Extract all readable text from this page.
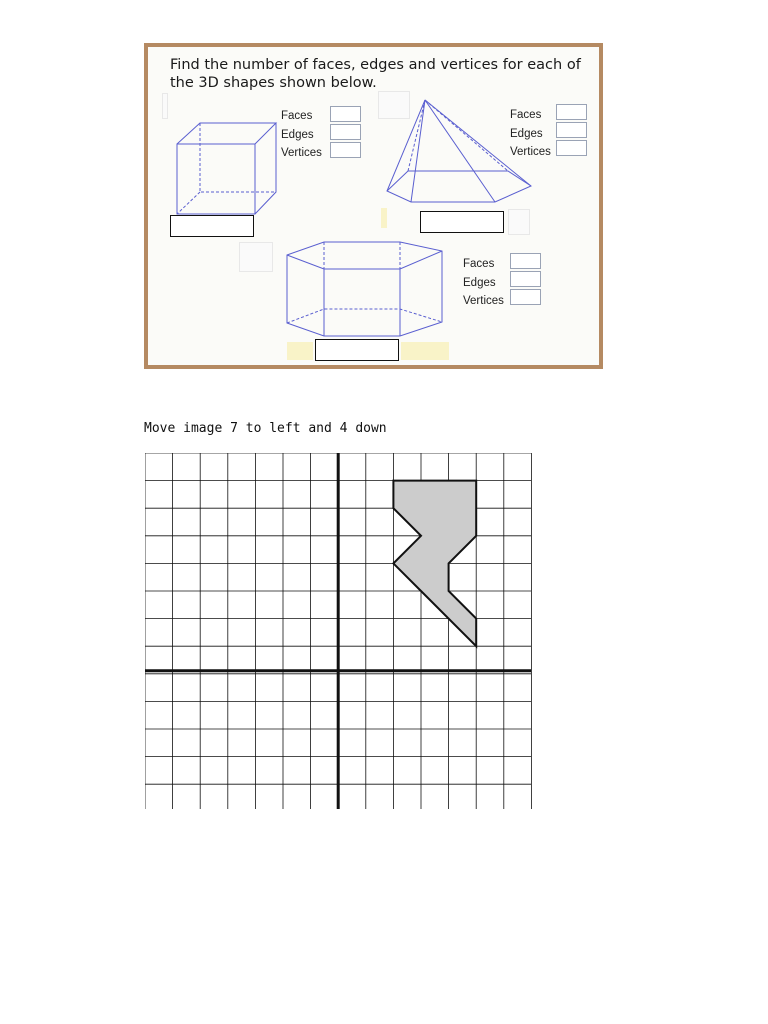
Find the number of faces, edges and vertices for each of the 3D shapes shown below.

Faces
Edges
Vertices
Faces
Edges
Vertices
Faces
Edges
Vertices

Move image 7 to left and 4 down
